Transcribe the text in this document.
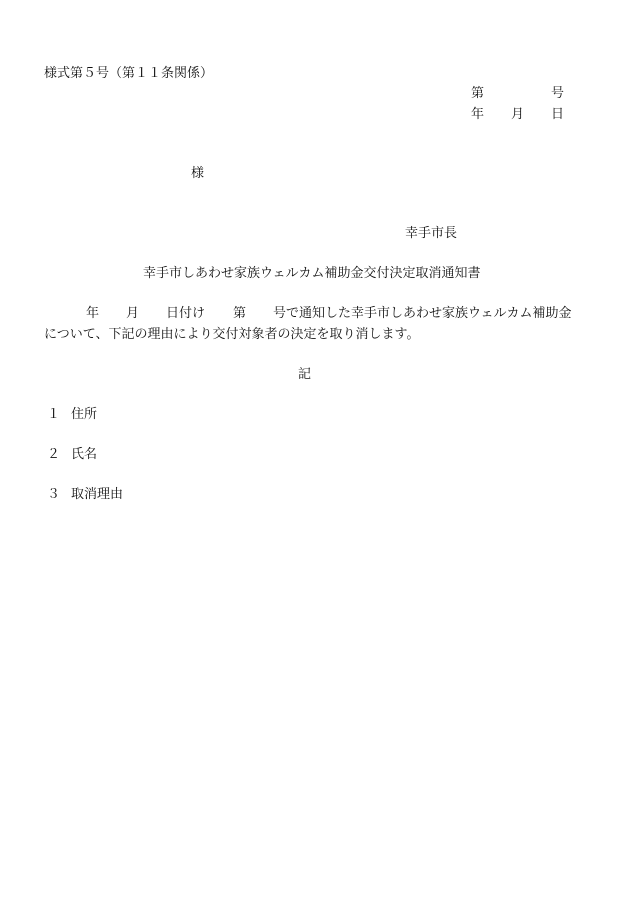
様式第５号（第１１条関係）
第	号
年 月 日
様
幸手市長
幸手市しあわせ家族ウェルカム補助金交付決定取消通知書
年 月 日付け 第 号で通知した幸手市しあわせ家族ウェルカム補助金
について、下記の理由により交付対象者の決定を取り消します。
記
１ 住所
２ 氏名
３ 取消理由
